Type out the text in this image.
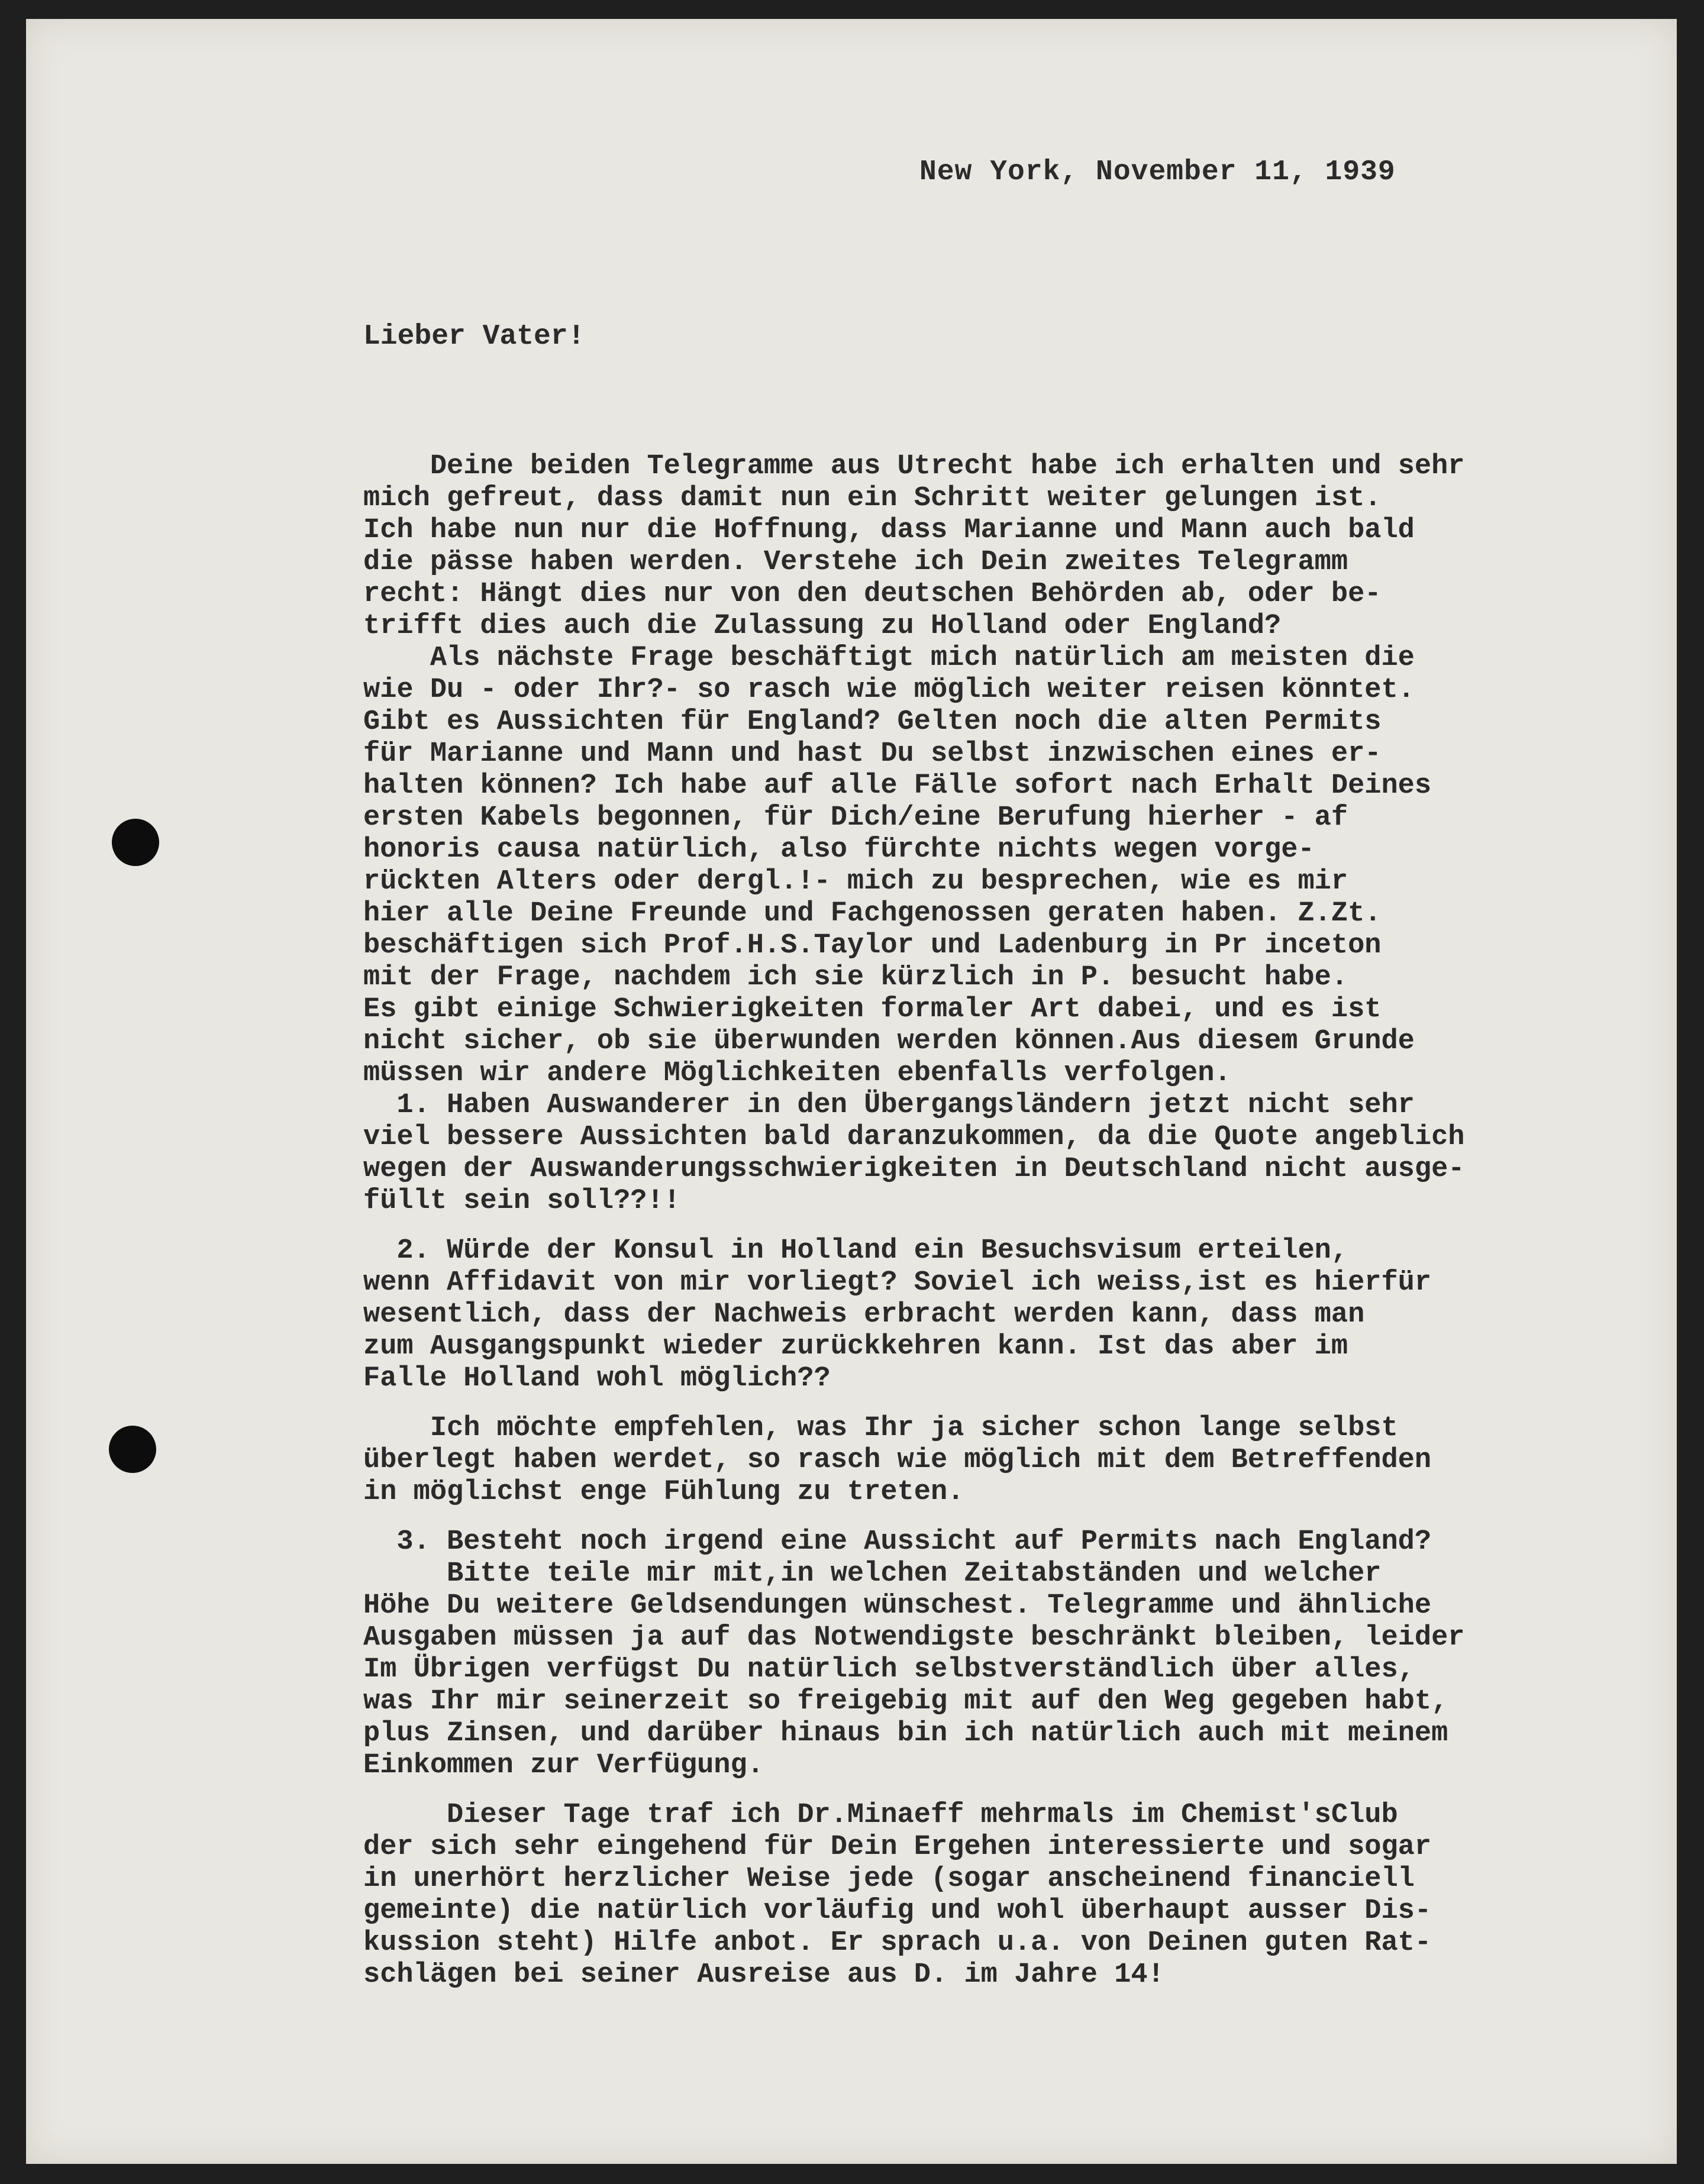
New York, November 11, 1939
Lieber Vater!
Deine beiden Telegramme aus Utrecht habe ich erhalten und sehr
mich gefreut, dass damit nun ein Schritt weiter gelungen ist.
Ich habe nun nur die Hoffnung, dass Marianne und Mann auch bald
die pässe haben werden. Verstehe ich Dein zweites Telegramm
recht: Hängt dies nur von den deutschen Behörden ab, oder be-
trifft dies auch die Zulassung zu Holland oder England?
Als nächste Frage beschäftigt mich natürlich am meisten die
wie Du - oder Ihr?- so rasch wie möglich weiter reisen könntet.
Gibt es Aussichten für England? Gelten noch die alten Permits
für Marianne und Mann und hast Du selbst inzwischen eines er-
halten können? Ich habe auf alle Fälle sofort nach Erhalt Deines
ersten Kabels begonnen, für Dich/eine Berufung hierher - af
honoris causa natürlich, also fürchte nichts wegen vorge-
rückten Alters oder dergl.!- mich zu besprechen, wie es mir
hier alle Deine Freunde und Fachgenossen geraten haben. Z.Zt.
beschäftigen sich Prof.H.S.Taylor und Ladenburg in Pr inceton
mit der Frage, nachdem ich sie kürzlich in P. besucht habe.
Es gibt einige Schwierigkeiten formaler Art dabei, und es ist
nicht sicher, ob sie überwunden werden können.Aus diesem Grunde
müssen wir andere Möglichkeiten ebenfalls verfolgen.
1. Haben Auswanderer in den Übergangsländern jetzt nicht sehr
viel bessere Aussichten bald daranzukommen, da die Quote angeblich
wegen der Auswanderungsschwierigkeiten in Deutschland nicht ausge-
füllt sein soll??!!
2. Würde der Konsul in Holland ein Besuchsvisum erteilen,
wenn Affidavit von mir vorliegt? Soviel ich weiss,ist es hierfür
wesentlich, dass der Nachweis erbracht werden kann, dass man
zum Ausgangspunkt wieder zurückkehren kann. Ist das aber im
Falle Holland wohl möglich??
Ich möchte empfehlen, was Ihr ja sicher schon lange selbst
überlegt haben werdet, so rasch wie möglich mit dem Betreffenden
in möglichst enge Fühlung zu treten.
3. Besteht noch irgend eine Aussicht auf Permits nach England?
Bitte teile mir mit,in welchen Zeitabständen und welcher
Höhe Du weitere Geldsendungen wünschest. Telegramme und ähnliche
Ausgaben müssen ja auf das Notwendigste beschränkt bleiben, leider
Im Übrigen verfügst Du natürlich selbstverständlich über alles,
was Ihr mir seinerzeit so freigebig mit auf den Weg gegeben habt,
plus Zinsen, und darüber hinaus bin ich natürlich auch mit meinem
Einkommen zur Verfügung.
Dieser Tage traf ich Dr.Minaeff mehrmals im Chemist'sClub
der sich sehr eingehend für Dein Ergehen interessierte und sogar
in unerhört herzlicher Weise jede (sogar anscheinend financiell
gemeinte) die natürlich vorläufig und wohl überhaupt ausser Dis-
kussion steht) Hilfe anbot. Er sprach u.a. von Deinen guten Rat-
schlägen bei seiner Ausreise aus D. im Jahre 14!
